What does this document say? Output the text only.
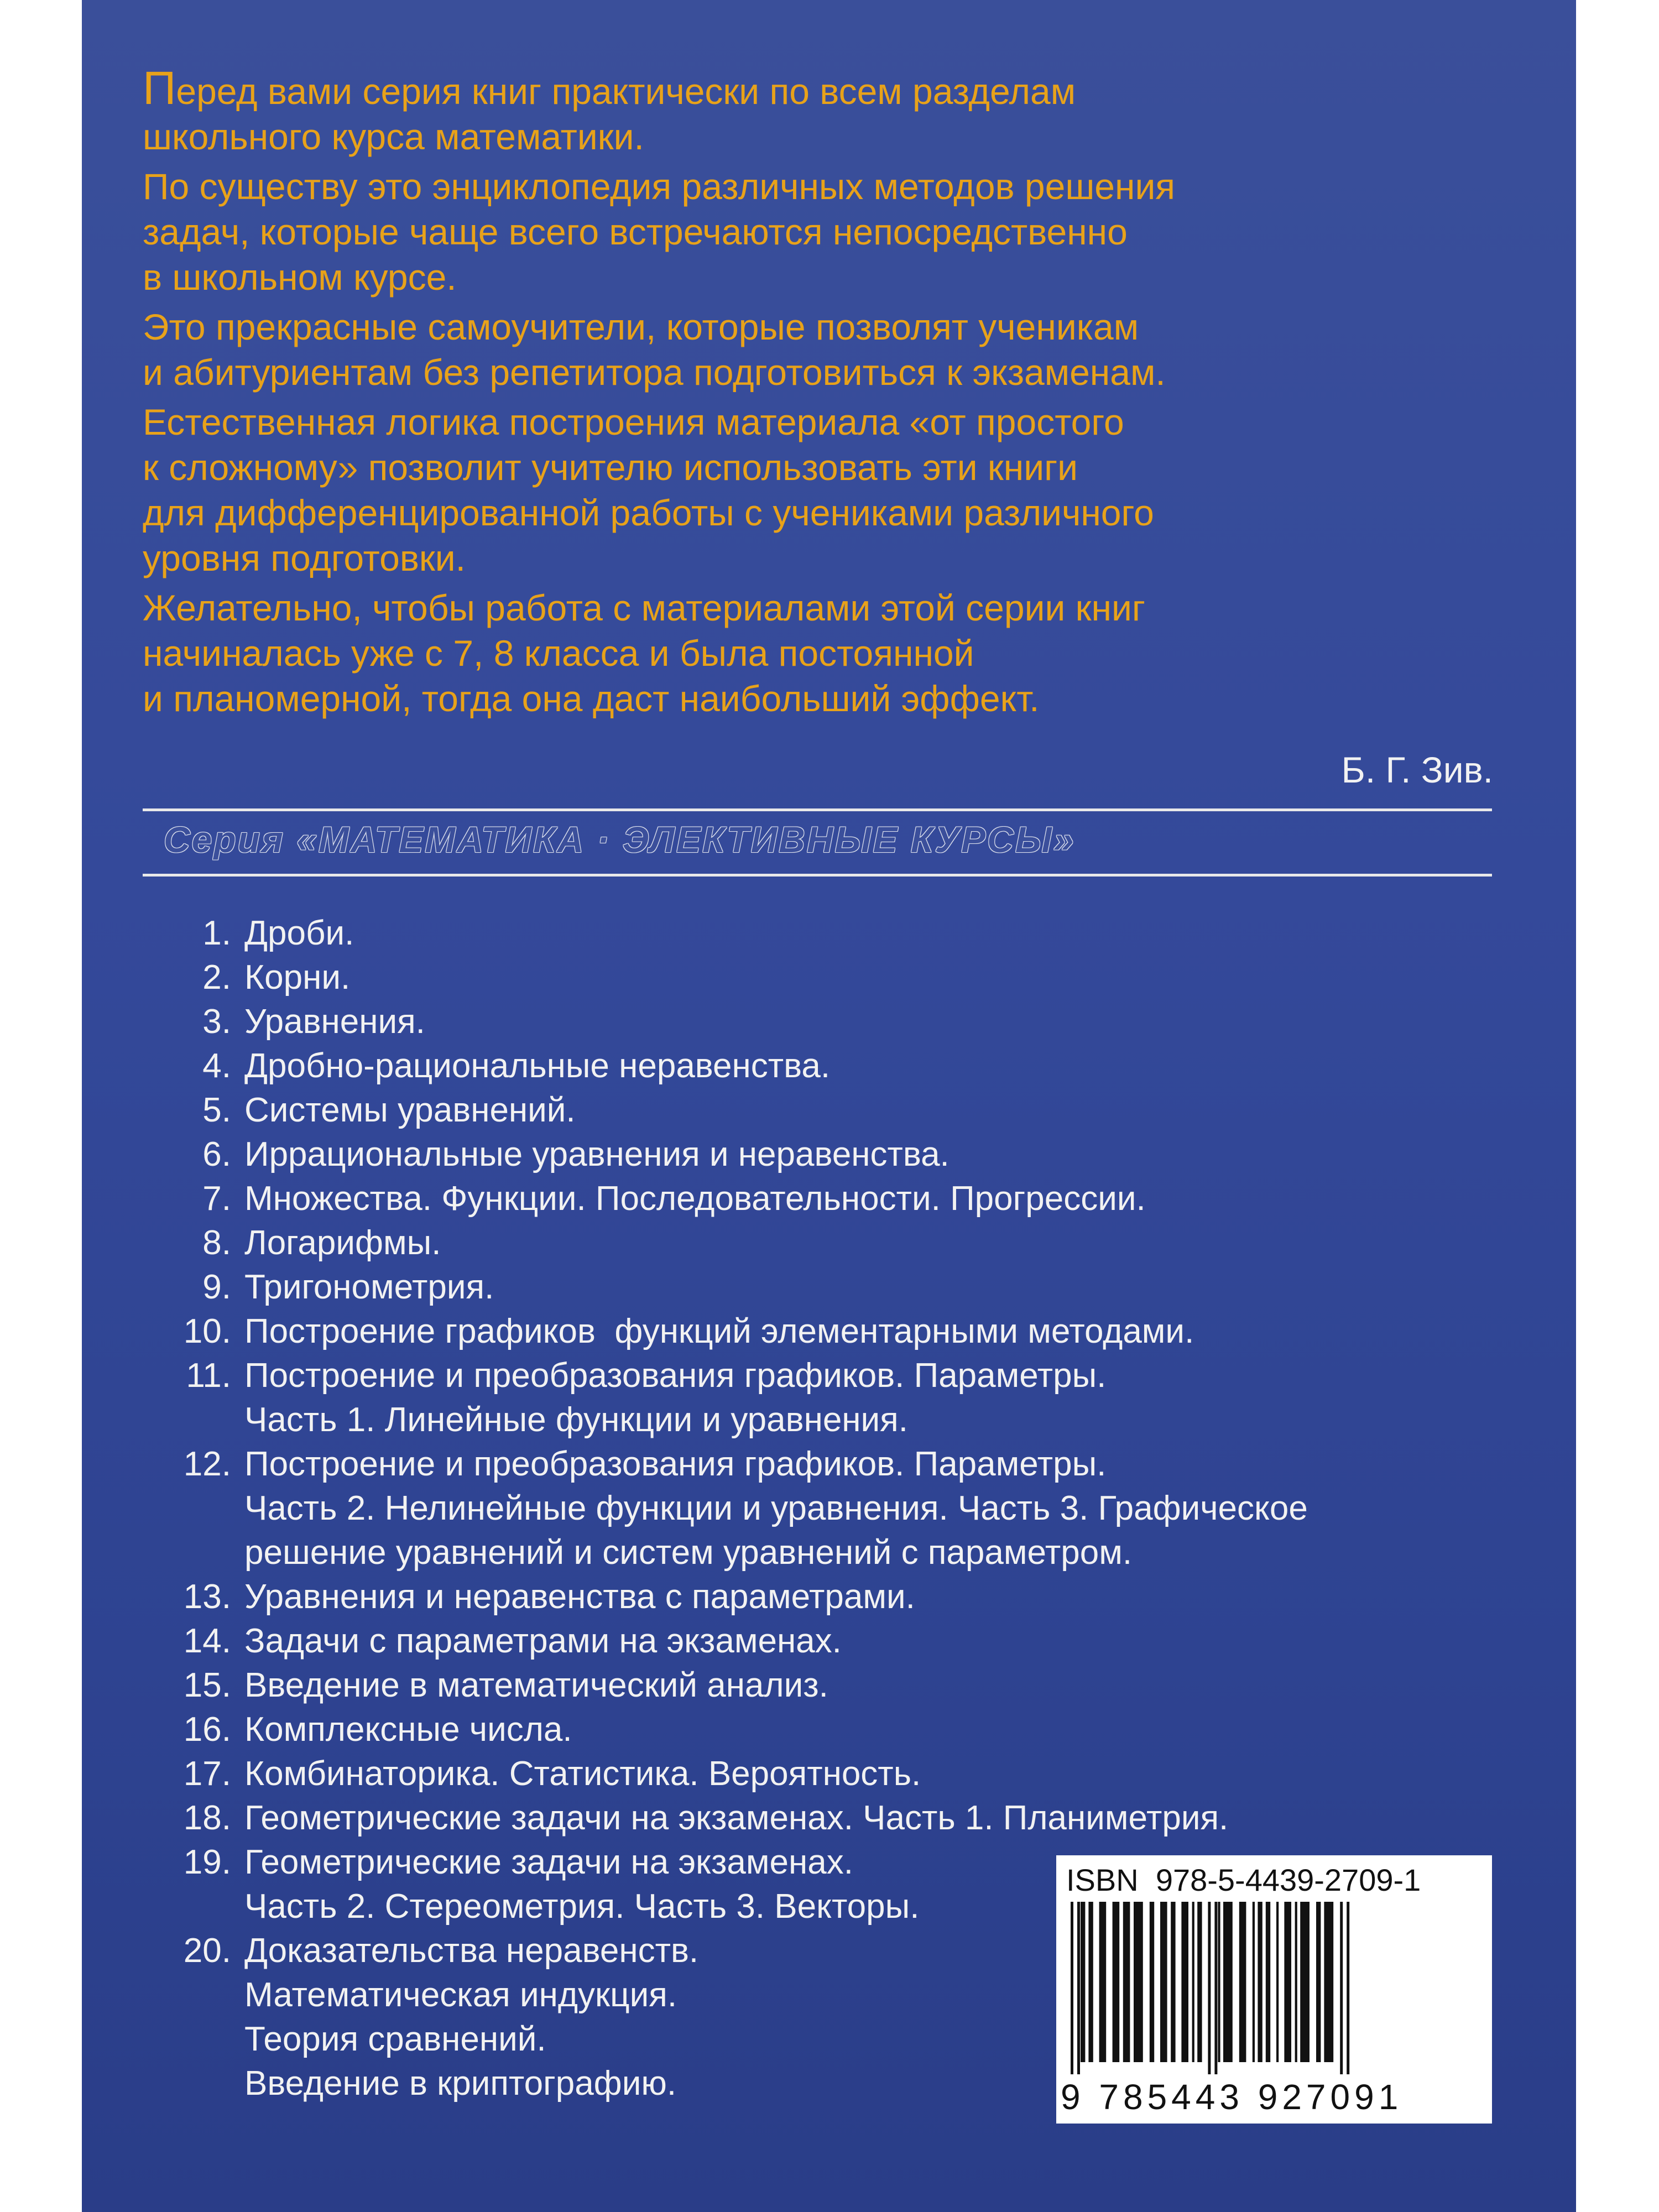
Перед вами серия книг практически по всем разделам
школьного курса математики.
По существу это энциклопедия различных методов решения
задач, которые чаще всего встречаются непосредственно
в школьном курсе.
Это прекрасные самоучители, которые позволят ученикам
и абитуриентам без репетитора подготовиться к экзаменам.
Естественная логика построения материала «от простого
к сложному» позволит учителю использовать эти книги
для дифференцированной работы с учениками различного
уровня подготовки.
Желательно, чтобы работа с материалами этой серии книг
начиналась уже с 7, 8 класса и была постоянной
и планомерной, тогда она даст наибольший эффект.
Б. Г. Зив.
Серия «МАТЕМАТИКА · ЭЛЕКТИВНЫЕ КУРСЫ»
1. Дроби.
2. Корни.
3. Уравнения.
4. Дробно-рациональные неравенства.
5. Системы уравнений.
6. Иррациональные уравнения и неравенства.
7. Множества. Функции. Последовательности. Прогрессии.
8. Логарифмы.
9. Тригонометрия.
10. Построение графиков  функций элементарными методами.
11. Построение и преобразования графиков. Параметры.
Часть 1. Линейные функции и уравнения.
12. Построение и преобразования графиков. Параметры.
Часть 2. Нелинейные функции и уравнения. Часть 3. Графическое
решение уравнений и систем уравнений с параметром.
13. Уравнения и неравенства с параметрами.
14. Задачи с параметрами на экзаменах.
15. Введение в математический анализ.
16. Комплексные числа.
17. Комбинаторика. Статистика. Вероятность.
18. Геометрические задачи на экзаменах. Часть 1. Планиметрия.
19. Геометрические задачи на экзаменах.
Часть 2. Стереометрия. Часть 3. Векторы.
20. Доказательства неравенств.
Математическая индукция.
Теория сравнений.
Введение в криптографию.
ISBN  978-5-4439-2709-1
9 785443 927091
